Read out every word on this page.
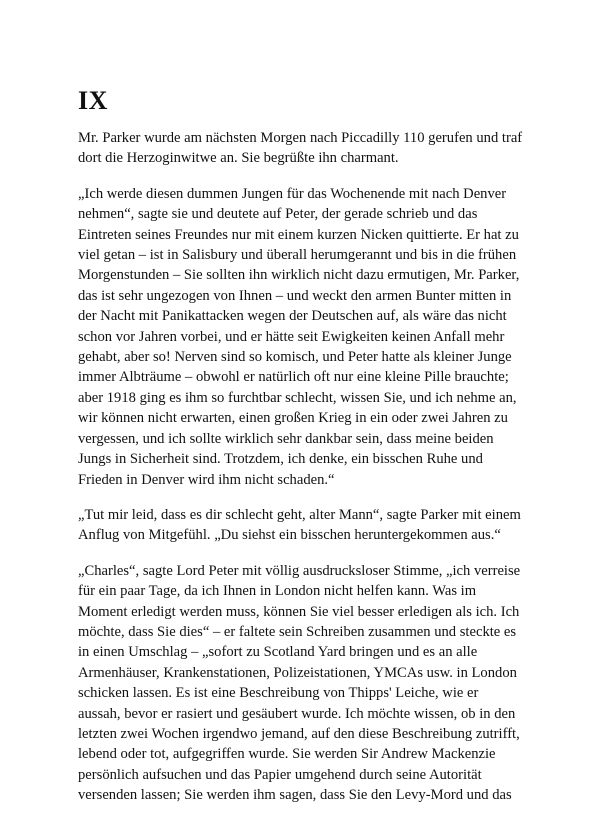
IX

Mr. Parker wurde am nächsten Morgen nach Piccadilly 110 gerufen und traf
dort die Herzoginwitwe an. Sie begrüßte ihn charmant.

„Ich werde diesen dummen Jungen für das Wochenende mit nach Denver
nehmen“, sagte sie und deutete auf Peter, der gerade schrieb und das
Eintreten seines Freundes nur mit einem kurzen Nicken quittierte. Er hat zu
viel getan – ist in Salisbury und überall herumgerannt und bis in die frühen
Morgenstunden – Sie sollten ihn wirklich nicht dazu ermutigen, Mr. Parker,
das ist sehr ungezogen von Ihnen – und weckt den armen Bunter mitten in
der Nacht mit Panikattacken wegen der Deutschen auf, als wäre das nicht
schon vor Jahren vorbei, und er hätte seit Ewigkeiten keinen Anfall mehr
gehabt, aber so! Nerven sind so komisch, und Peter hatte als kleiner Junge
immer Albträume – obwohl er natürlich oft nur eine kleine Pille brauchte;
aber 1918 ging es ihm so furchtbar schlecht, wissen Sie, und ich nehme an,
wir können nicht erwarten, einen großen Krieg in ein oder zwei Jahren zu
vergessen, und ich sollte wirklich sehr dankbar sein, dass meine beiden
Jungs in Sicherheit sind. Trotzdem, ich denke, ein bisschen Ruhe und
Frieden in Denver wird ihm nicht schaden.“

„Tut mir leid, dass es dir schlecht geht, alter Mann“, sagte Parker mit einem
Anflug von Mitgefühl. „Du siehst ein bisschen heruntergekommen aus.“

„Charles“, sagte Lord Peter mit völlig ausdrucksloser Stimme, „ich verreise
für ein paar Tage, da ich Ihnen in London nicht helfen kann. Was im
Moment erledigt werden muss, können Sie viel besser erledigen als ich. Ich
möchte, dass Sie dies“ – er faltete sein Schreiben zusammen und steckte es
in einen Umschlag – „sofort zu Scotland Yard bringen und es an alle
Armenhäuser, Krankenstationen, Polizeistationen, YMCAs usw. in London
schicken lassen. Es ist eine Beschreibung von Thipps' Leiche, wie er
aussah, bevor er rasiert und gesäubert wurde. Ich möchte wissen, ob in den
letzten zwei Wochen irgendwo jemand, auf den diese Beschreibung zutrifft,
lebend oder tot, aufgegriffen wurde. Sie werden Sir Andrew Mackenzie
persönlich aufsuchen und das Papier umgehend durch seine Autorität
versenden lassen; Sie werden ihm sagen, dass Sie den Levy-Mord und das
